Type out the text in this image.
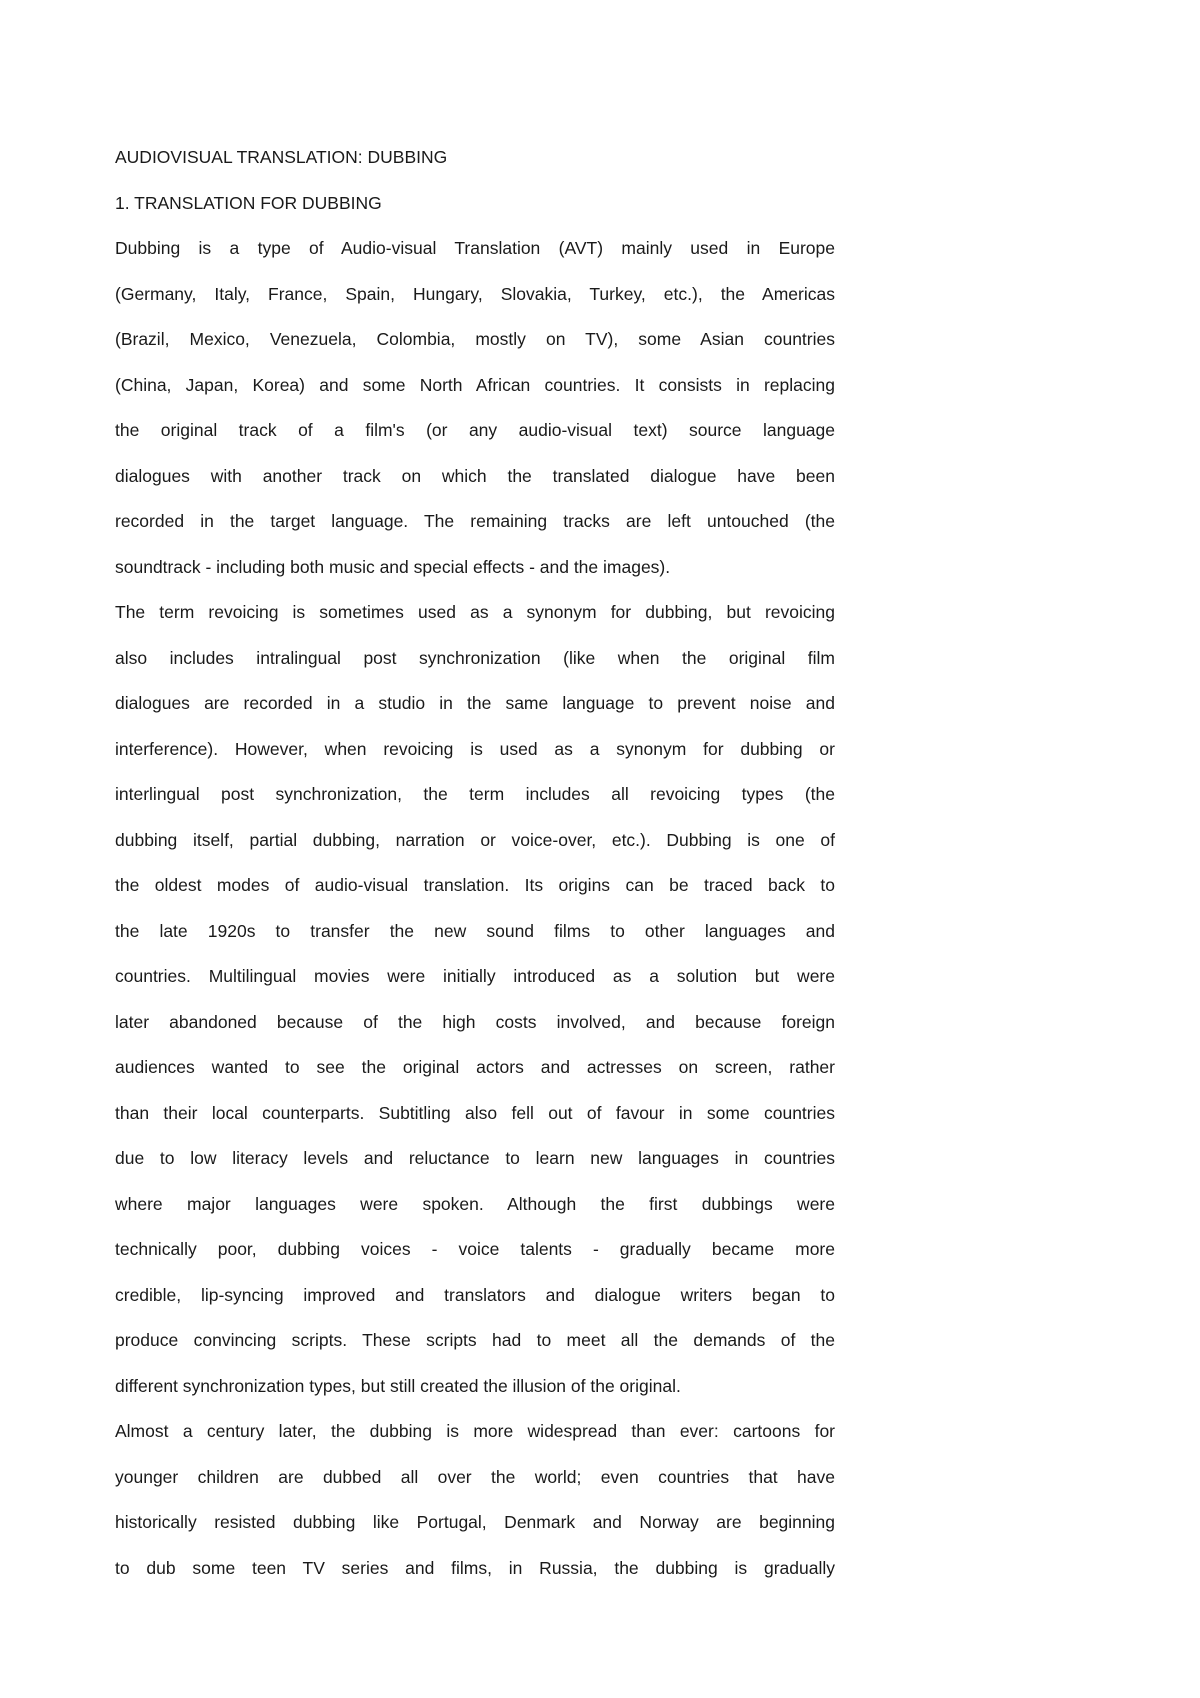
AUDIOVISUAL TRANSLATION: DUBBING

1. TRANSLATION FOR DUBBING

Dubbing is a type of Audio-visual Translation (AVT) mainly used in Europe

(Germany, Italy, France, Spain, Hungary, Slovakia, Turkey, etc.), the Americas

(Brazil, Mexico, Venezuela, Colombia, mostly on TV), some Asian countries

(China, Japan, Korea) and some North African countries. It consists in replacing

the original track of a film's (or any audio-visual text) source language

dialogues with another track on which the translated dialogue have been

recorded in the target language. The remaining tracks are left untouched (the

soundtrack - including both music and special effects - and the images).

The term revoicing is sometimes used as a synonym for dubbing, but revoicing

also includes intralingual post synchronization (like when the original film

dialogues are recorded in a studio in the same language to prevent noise and

interference). However, when revoicing is used as a synonym for dubbing or

interlingual post synchronization, the term includes all revoicing types (the

dubbing itself, partial dubbing, narration or voice-over, etc.). Dubbing is one of

the oldest modes of audio-visual translation. Its origins can be traced back to

the late 1920s to transfer the new sound films to other languages and

countries. Multilingual movies were initially introduced as a solution but were

later abandoned because of the high costs involved, and because foreign

audiences wanted to see the original actors and actresses on screen, rather

than their local counterparts. Subtitling also fell out of favour in some countries

due to low literacy levels and reluctance to learn new languages in countries

where major languages were spoken. Although the first dubbings were

technically poor, dubbing voices - voice talents - gradually became more

credible, lip-syncing improved and translators and dialogue writers began to

produce convincing scripts. These scripts had to meet all the demands of the

different synchronization types, but still created the illusion of the original.

Almost a century later, the dubbing is more widespread than ever: cartoons for

younger children are dubbed all over the world; even countries that have

historically resisted dubbing like Portugal, Denmark and Norway are beginning

to dub some teen TV series and films, in Russia, the dubbing is gradually
